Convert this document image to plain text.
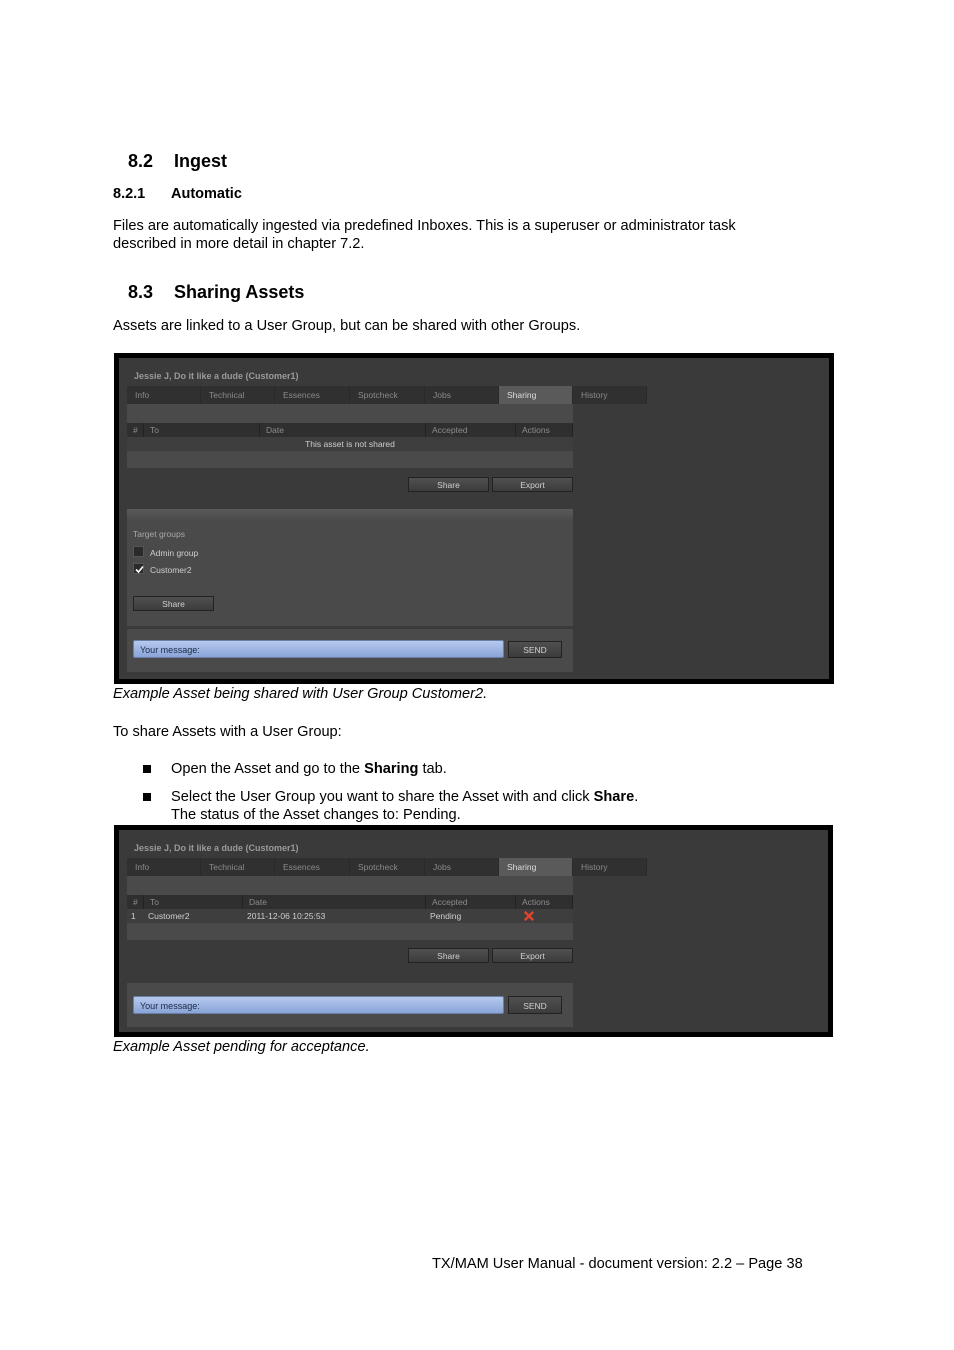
8.2 Ingest
8.2.1 Automatic
Files are automatically ingested via predefined Inboxes. This is a superuser or administrator task
described in more detail in chapter 7.2.
8.3 Sharing Assets
Assets are linked to a User Group, but can be shared with other Groups.
Jessie J, Do it like a dude (Customer1)
Info	Technical	Essences	Spotcheck	Jobs	Sharing	History
#	To	Date	Accepted	Actions
This asset is not shared
Share	Export
Target groups
Admin group
Customer2
Share
Your message:	SEND
Example Asset being shared with User Group Customer2.
To share Assets with a User Group:
Open the Asset and go to the Sharing tab.
Select the User Group you want to share the Asset with and click Share.
The status of the Asset changes to: Pending.
Jessie J, Do it like a dude (Customer1)
Info	Technical	Essences	Spotcheck	Jobs	Sharing	History
#	To	Date	Accepted	Actions
1 Customer2	2011-12-06 10:25:53	Pending
Share	Export
Your message:	SEND
Example Asset pending for acceptance.
TX/MAM User Manual - document version: 2.2 – Page 38
